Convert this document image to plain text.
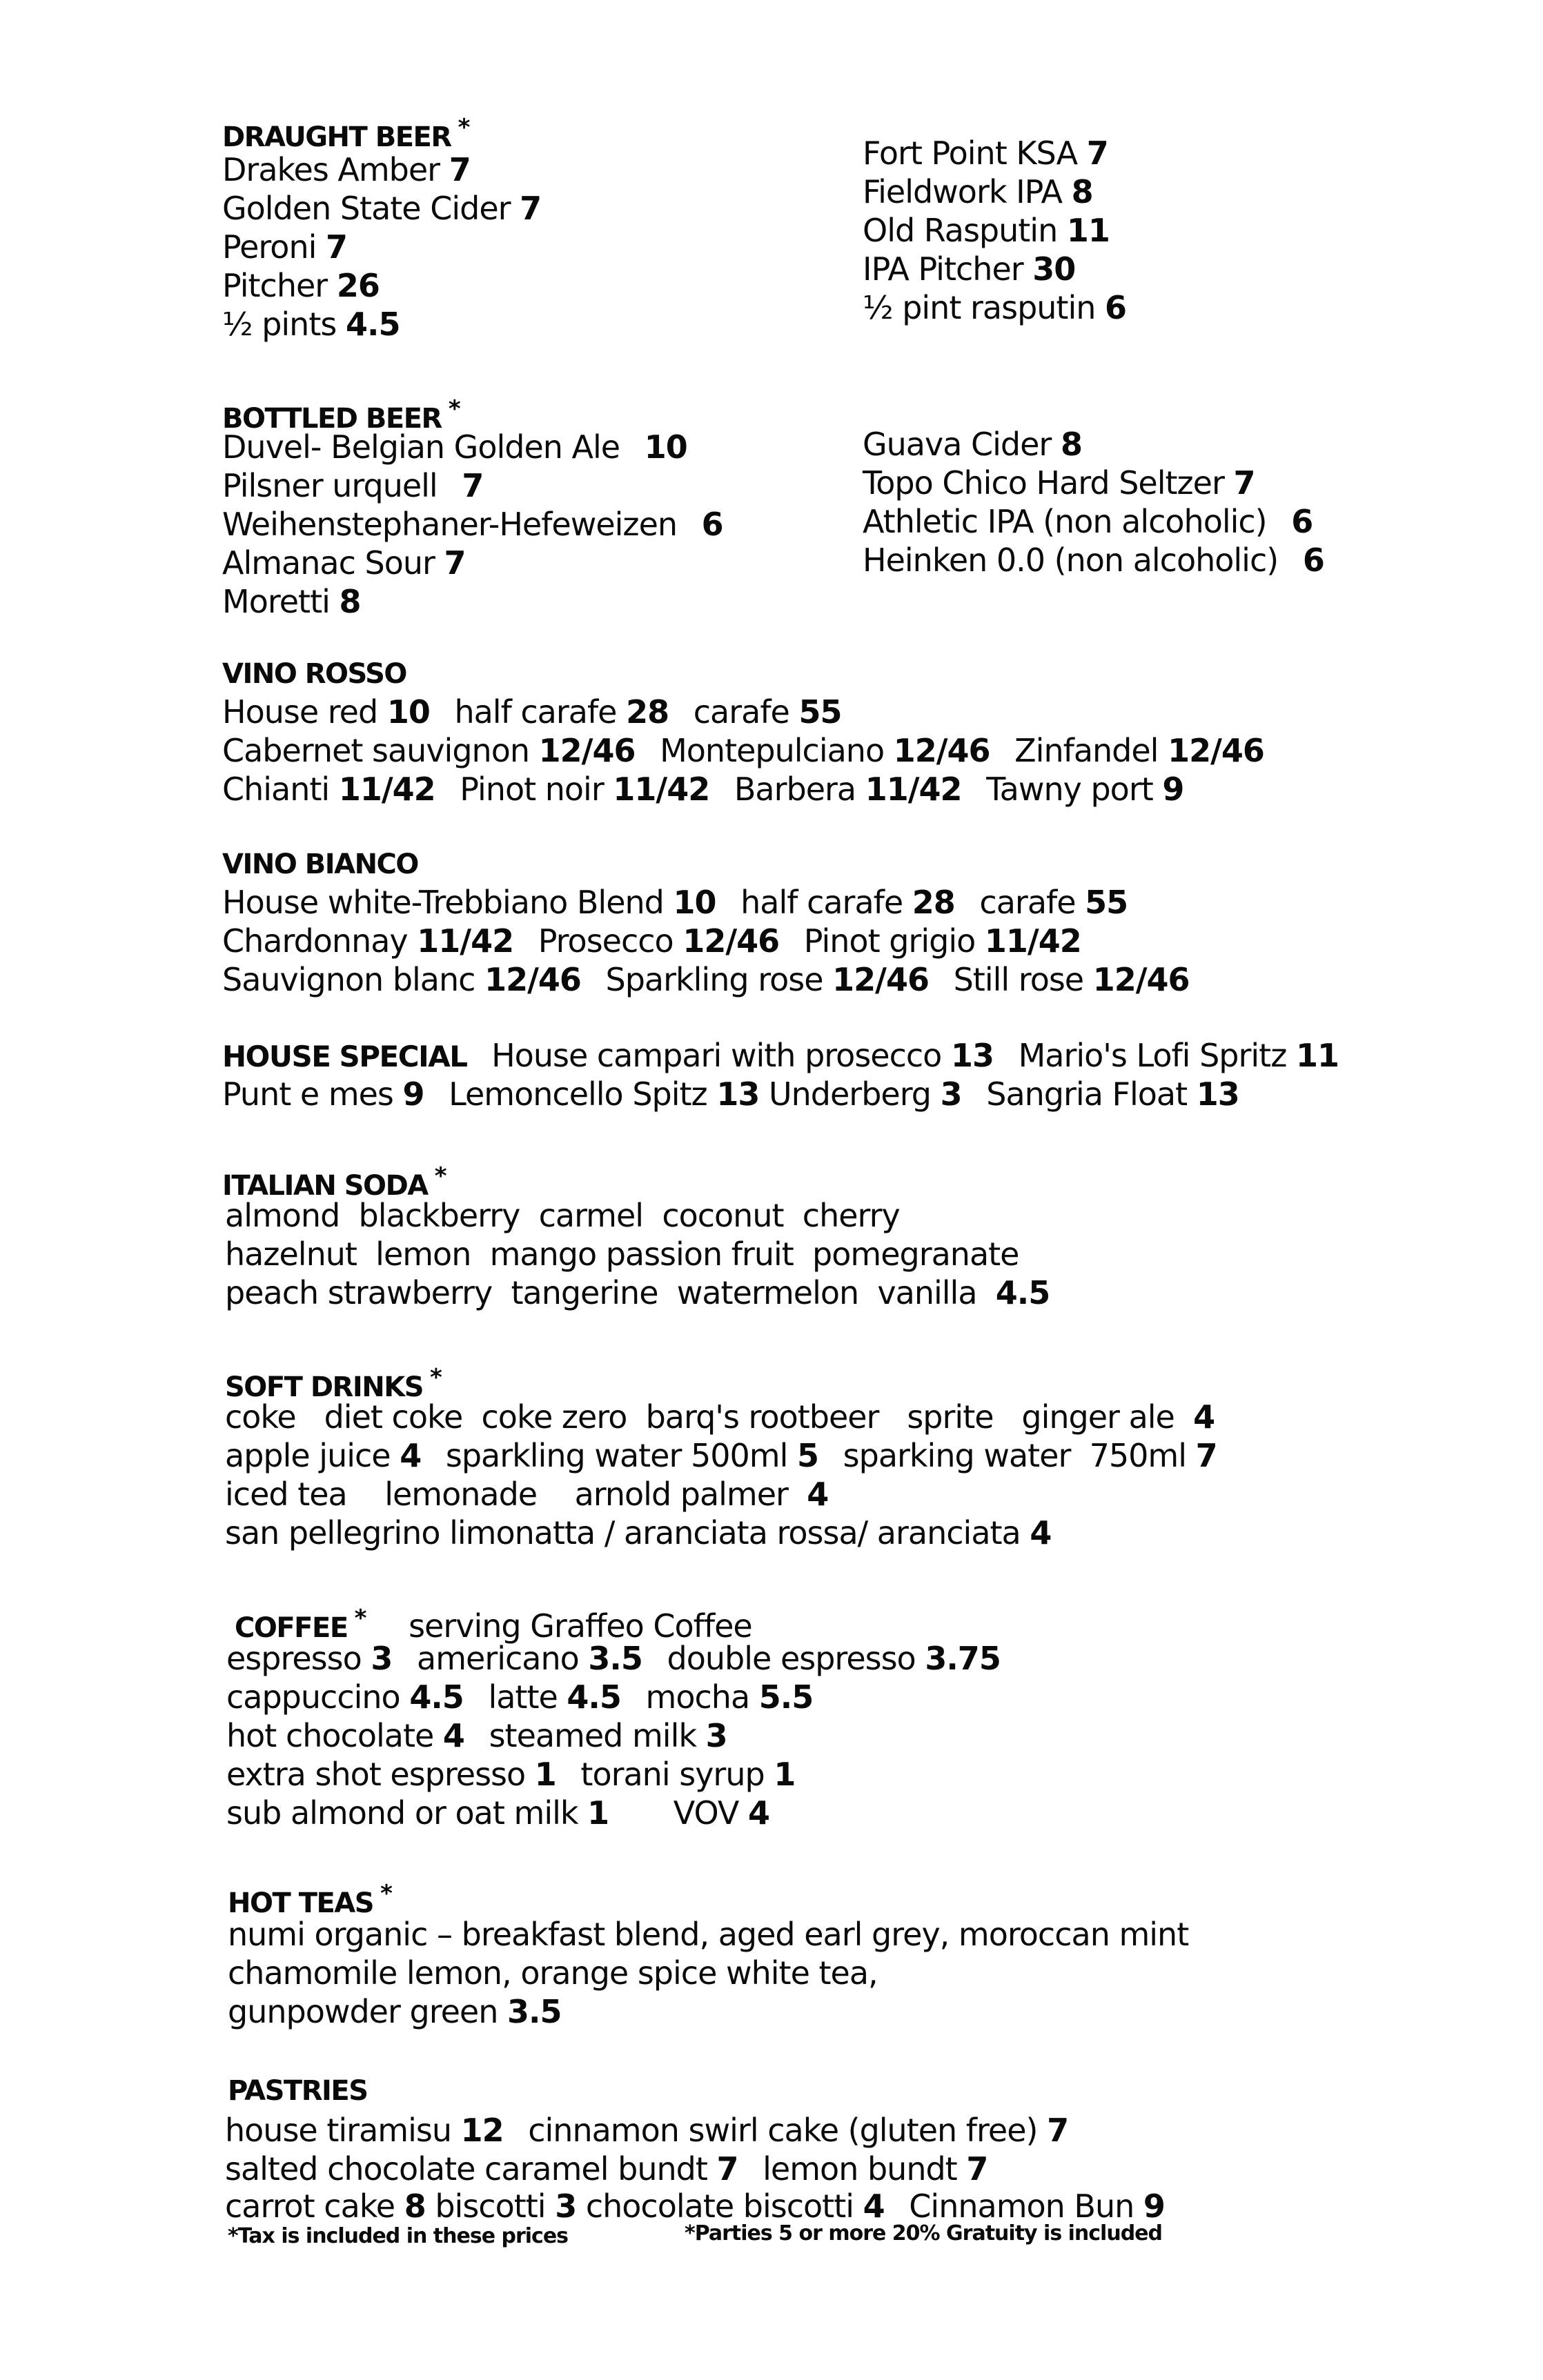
DRAUGHT BEER *
Drakes Amber 7
Golden State Cider 7
Peroni 7
Pitcher 26
½ pints 4.5
Fort Point KSA 7
Fieldwork IPA 8
Old Rasputin 11
IPA Pitcher 30
½ pint rasputin 6
BOTTLED BEER *
Duvel- Belgian Golden Ale 10
Pilsner urquell 7
Weihenstephaner-Hefeweizen 6
Almanac Sour 7
Moretti 8
Guava Cider 8
Topo Chico Hard Seltzer 7
Athletic IPA (non alcoholic) 6
Heinken 0.0 (non alcoholic) 6
VINO ROSSO
House red 10 half carafe 28 carafe 55
Cabernet sauvignon 12/46 Montepulciano 12/46 Zinfandel 12/46
Chianti 11/42 Pinot noir 11/42 Barbera 11/42 Tawny port 9
VINO BIANCO
House white-Trebbiano Blend 10 half carafe 28 carafe 55
Chardonnay 11/42 Prosecco 12/46 Pinot grigio 11/42
Sauvignon blanc 12/46 Sparkling rose 12/46 Still rose 12/46
HOUSE SPECIAL House campari with prosecco 13 Mario's Lofi Spritz 11
Punt e mes 9 Lemoncello Spitz 13 Underberg 3 Sangria Float 13
ITALIAN SODA *
almond  blackberry  carmel  coconut  cherry
hazelnut  lemon  mango passion fruit  pomegranate
peach strawberry  tangerine  watermelon  vanilla 4.5
SOFT DRINKS *
coke   diet coke  coke zero  barq's rootbeer   sprite   ginger ale 4
apple juice 4 sparkling water 500ml 5 sparking water  750ml 7
iced tea    lemonade    arnold palmer 4
san pellegrino limonatta / aranciata rossa/ aranciata 4
COFFEE * serving Graffeo Coffee
espresso 3 americano 3.5 double espresso 3.75
cappuccino 4.5 latte 4.5 mocha 5.5
hot chocolate 4 steamed milk 3
extra shot espresso 1 torani syrup 1
sub almond or oat milk 1 VOV 4
HOT TEAS *
numi organic – breakfast blend, aged earl grey, moroccan mint
chamomile lemon, orange spice white tea,
gunpowder green 3.5
PASTRIES
house tiramisu 12 cinnamon swirl cake (gluten free) 7
salted chocolate caramel bundt 7 lemon bundt 7
carrot cake 8 biscotti 3 chocolate biscotti 4 Cinnamon Bun 9
*Tax is included in these prices	*Parties 5 or more 20% Gratuity is included
